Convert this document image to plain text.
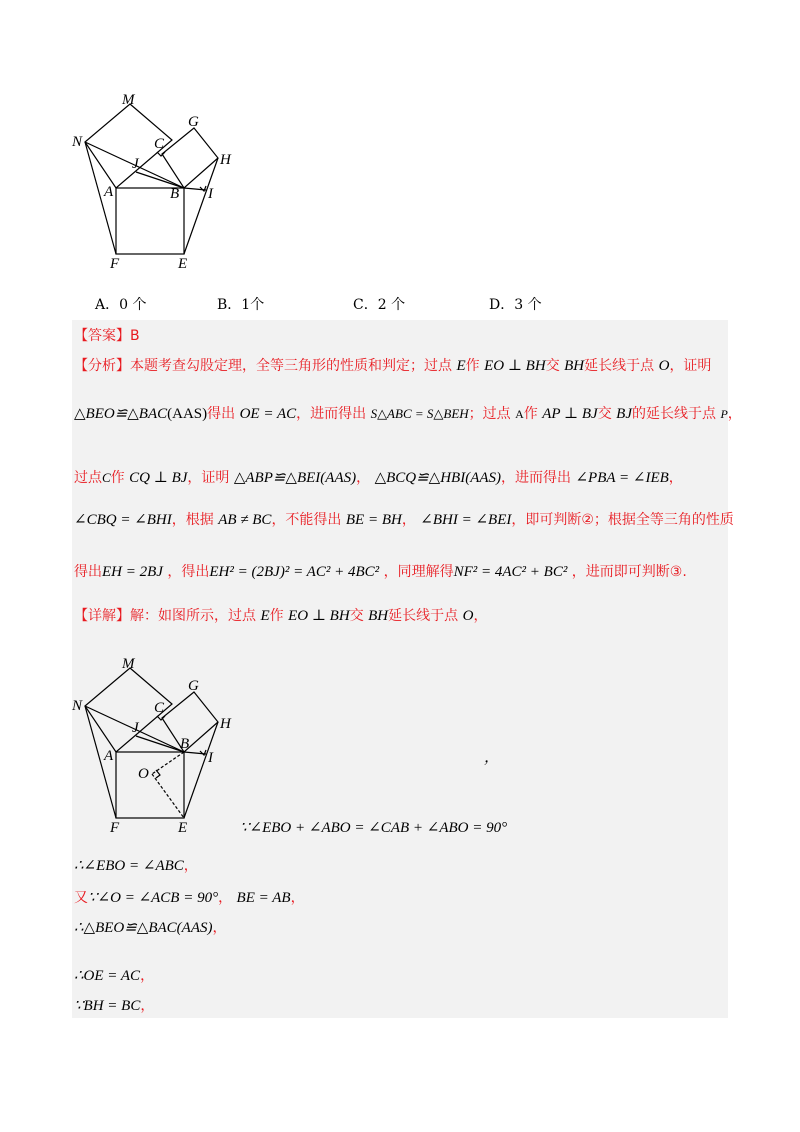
M
N
G
C
H
J
A	B I
F	E
A．0 个	B．1个	C．2 个	D．3 个
【答案】B
【分析】本题考查勾股定理，全等三角形的性质和判定；过点 E作 EO ⊥ BH交 BH延长线于点 O，证明
△BEO≌△BAC(AAS)得出 OE = AC，进而得出 S△ABC = S△BEH；过点 A作 AP ⊥ BJ交 BJ的延长线于点 P，
过点C作 CQ ⊥ BJ，证明 △ABP≌△BEI(AAS)， △BCQ≌△HBI(AAS)，进而得出 ∠PBA = ∠IEB，
∠CBQ = ∠BHI，根据 AB ≠ BC，不能得出 BE = BH， ∠BHI = ∠BEI，即可判断②；根据全等三角的性质
得出EH = 2BJ ，得出EH² = (2BJ)² = AC² + 4BC² ，同理解得NF² = 4AC² + BC² ，进而即可判断③.
【详解】解：如图所示，过点 E作 EO ⊥ BH交 BH延长线于点 O，
M
N
G
C
H
J
A
B
I
O
F	E
，
∵∠EBO + ∠ABO = ∠CAB + ∠ABO = 90°
∴∠EBO = ∠ABC，
又∵∠O = ∠ACB = 90°， BE = AB，
∴△BEO≌△BAC(AAS)，
∴OE = AC，
∵BH = BC，
